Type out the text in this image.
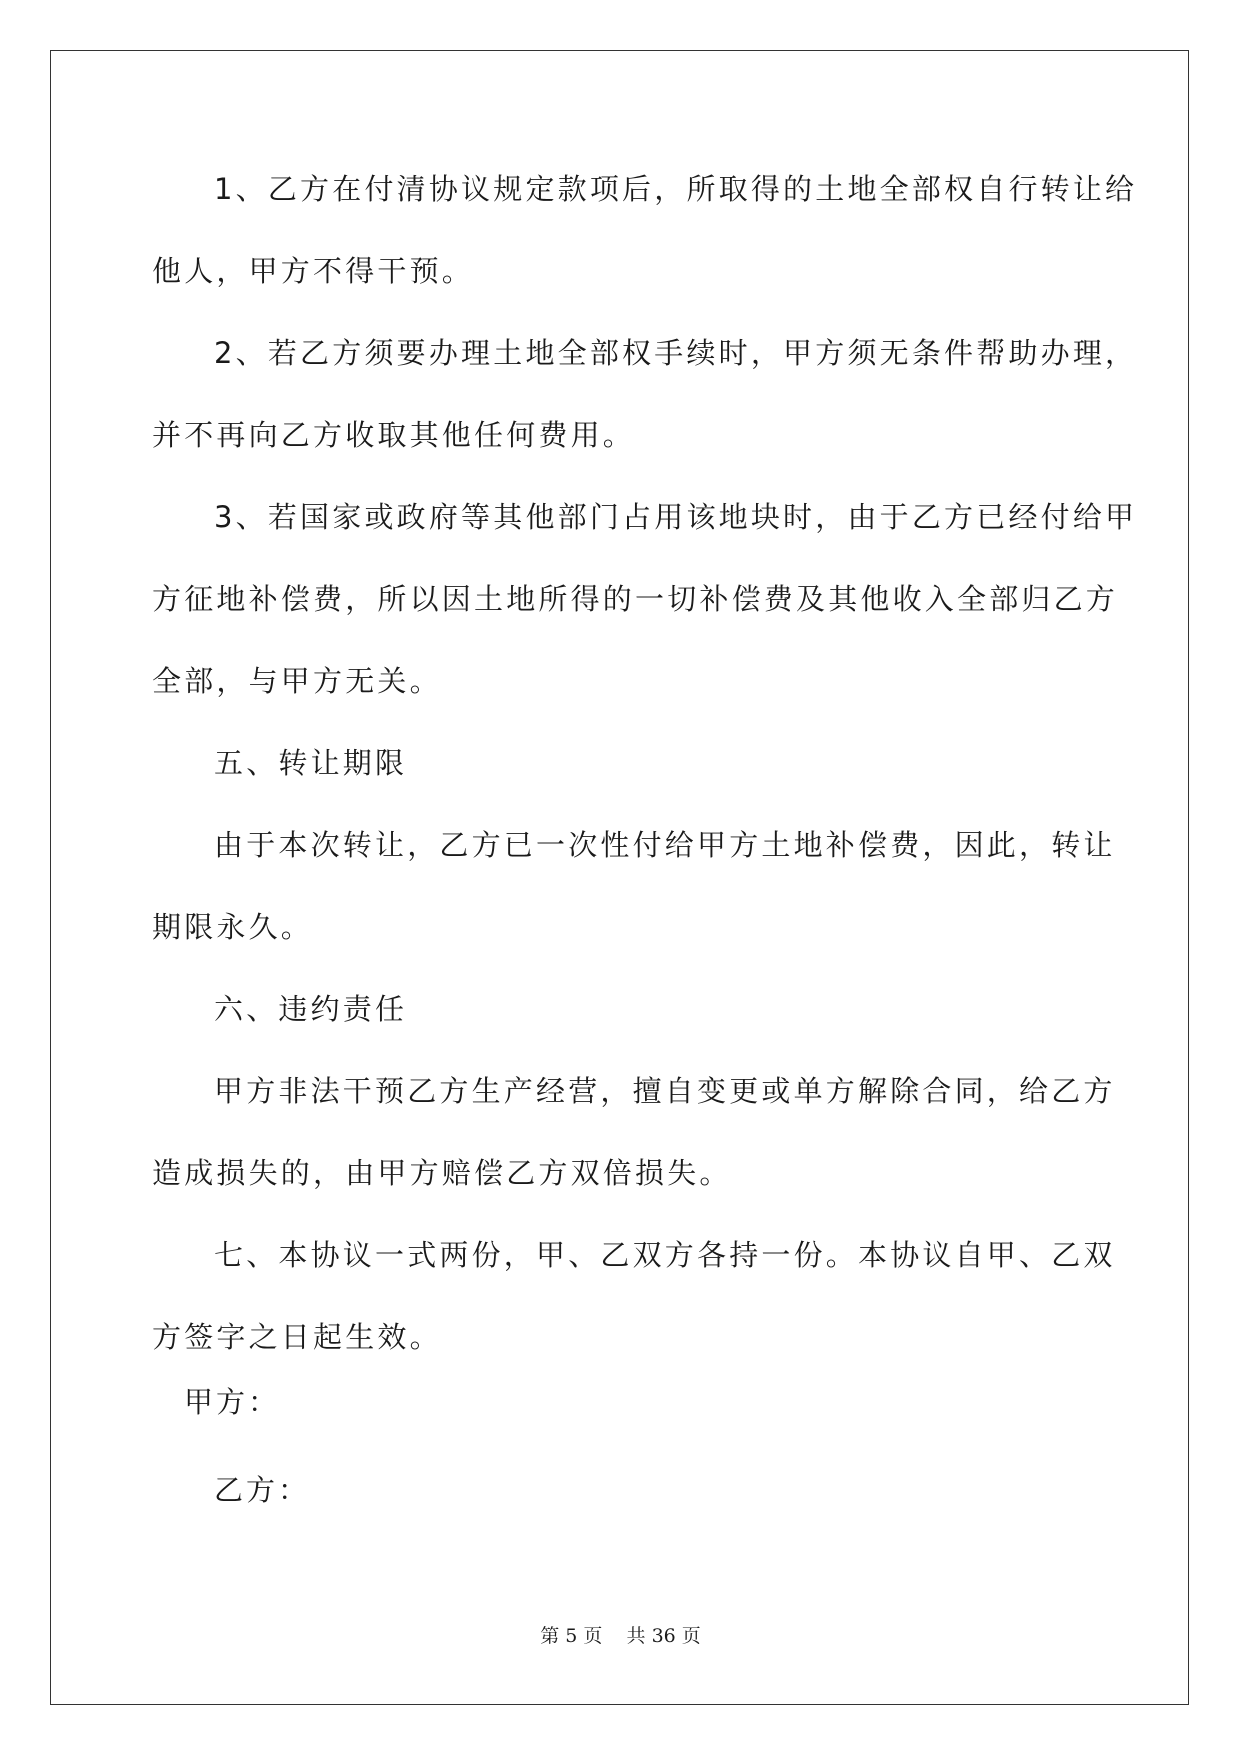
1、乙方在付清协议规定款项后，所取得的土地全部权自行转让给

他人，甲方不得干预。

2、若乙方须要办理土地全部权手续时，甲方须无条件帮助办理，

并不再向乙方收取其他任何费用。

3、若国家或政府等其他部门占用该地块时，由于乙方已经付给甲

方征地补偿费，所以因土地所得的一切补偿费及其他收入全部归乙方

全部，与甲方无关。

五、转让期限

由于本次转让，乙方已一次性付给甲方土地补偿费，因此，转让

期限永久。

六、违约责任

甲方非法干预乙方生产经营，擅自变更或单方解除合同，给乙方

造成损失的，由甲方赔偿乙方双倍损失。

七、本协议一式两份，甲、乙双方各持一份。本协议自甲、乙双

方签字之日起生效。

甲方：

乙方：

第 5 页    共 36 页
